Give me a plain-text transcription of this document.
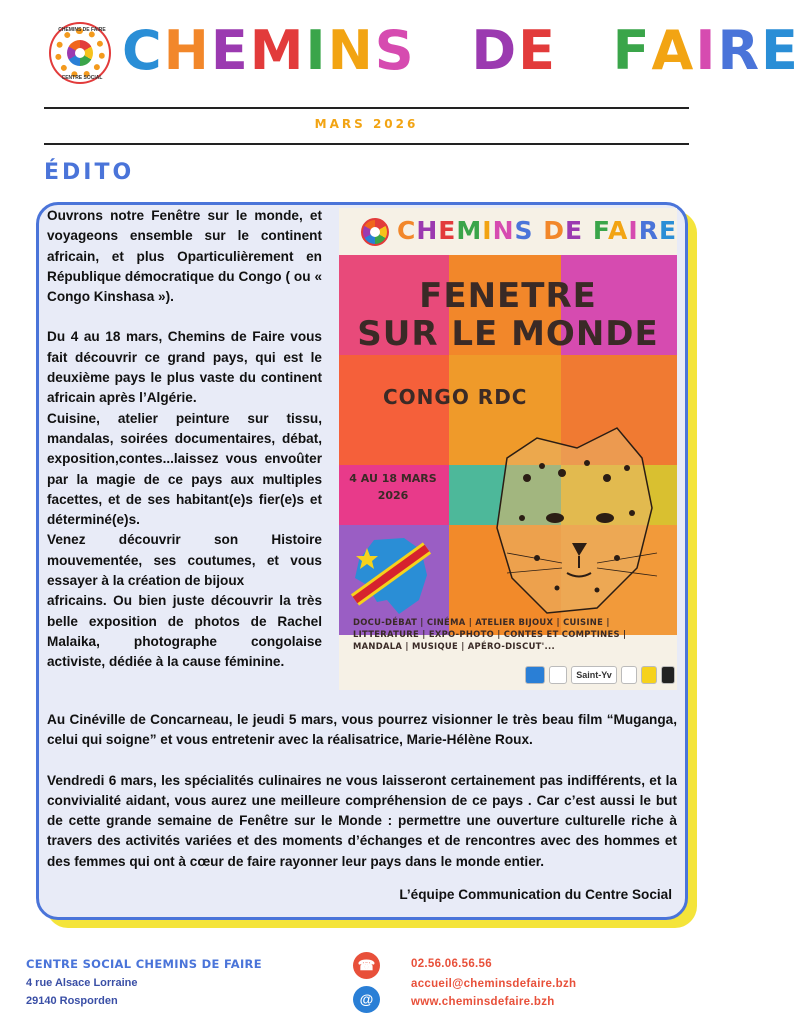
CHEMINS DE FAIRE
CENTRE SOCIAL CHEMINS DE FAIRE
MARS 2026
ÉDITO

Ouvrons notre Fenêtre sur le monde, et voyageons ensemble sur le continent africain, et plus Oparticulièrement en République démocratique du Congo ( ou « Congo Kinshasa »).

Du 4 au 18 mars, Chemins de Faire vous fait découvrir ce grand pays, qui est le deuxième pays le plus vaste du continent africain après l’Algérie.

Cuisine, atelier peinture sur tissu, mandalas, soirées documentaires, débat, exposition,contes...laissez vous envoûter par la magie de ce pays aux multiples facettes, et de ses habitant(e)s fier(e)s et déterminé(e)s.

Venez découvrir son Histoire mouvementée, ses coutumes, et vous essayer à la création de bijoux

africains. Ou bien juste découvrir la très belle exposition de photos de Rachel Malaika, photographe congolaise activiste, dédiée à la cause féminine.

CHEMINS DE FAIRE
FENETRE
SUR LE MONDE
CONGO RDC
4 AU 18 MARS
2026
DOCU-DÉBAT | CINÉMA | ATELIER BIJOUX | CUISINE | LITTERATURE | EXPO-PHOTO | CONTES ET COMPTINES | MANDALA | MUSIQUE | APÉRO-DISCUT'...
Saint-Yv

Au Cinéville de Concarneau, le jeudi 5 mars, vous pourrez visionner le très beau film “Muganga, celui qui soigne” et vous entretenir avec la réalisatrice, Marie-Hélène Roux.

Vendredi 6 mars, les spécialités culinaires ne vous laisseront certainement pas indifférents, et la convivialité aidant, vous aurez une meilleure compréhension de ce pays . Car c’est aussi le but de cette grande semaine de Fenêtre sur le Monde : permettre une ouverture culturelle riche à travers des activités variées et des moments d’échanges et de rencontres avec des hommes et des femmes qui ont à cœur de faire rayonner leur pays dans le monde entier.

L’équipe Communication du Centre Social
CENTRE SOCIAL CHEMINS DE FAIRE
4 rue Alsace Lorraine
29140 Rosporden
☎
@
02.56.06.56.56
accueil@cheminsdefaire.bzh
www.cheminsdefaire.bzh
